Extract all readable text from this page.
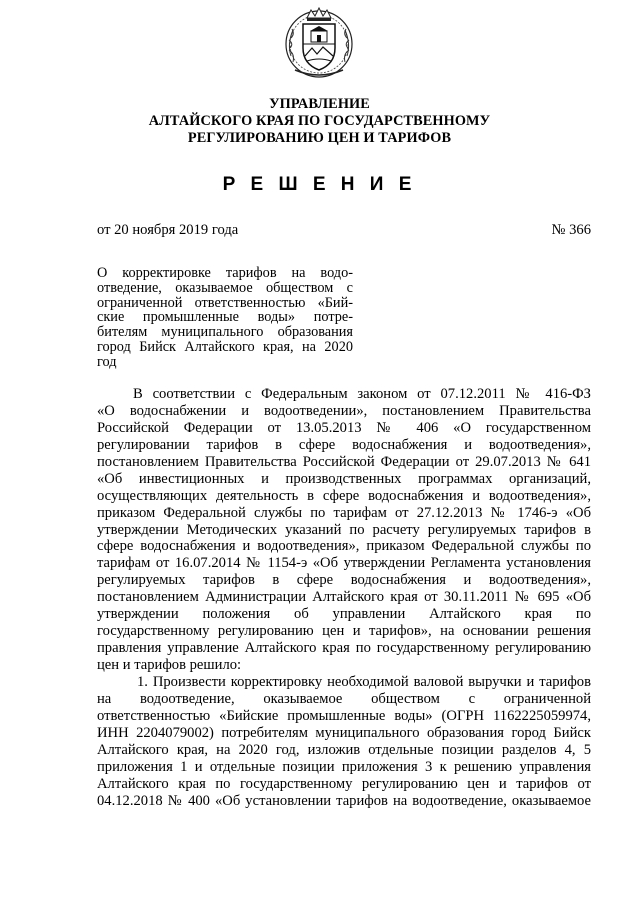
УПРАВЛЕНИЕ
АЛТАЙСКОГО КРАЯ ПО ГОСУДАРСТВЕННОМУ
РЕГУЛИРОВАНИЮ ЦЕН И ТАРИФОВ
Р Е Ш Е Н И Е
от 20 ноября 2019 года	№ 366
О корректировке тарифов на водо-
отведение, оказываемое обществом с
ограниченной ответственностью «Бий-
ские промышленные воды» потре-
бителям муниципального образования
город Бийск Алтайского края, на 2020
год
В соответствии с Федеральным законом от 07.12.2011 № 416-ФЗ
«О водоснабжении и водоотведении», постановлением Правительства
Российской Федерации от 13.05.2013 № 406 «О государственном
регулировании тарифов в сфере водоснабжения и водоотведения»,
постановлением Правительства Российской Федерации от 29.07.2013 № 641
«Об инвестиционных и производственных программах организаций,
осуществляющих деятельность в сфере водоснабжения и водоотведения»,
приказом Федеральной службы по тарифам от 27.12.2013 № 1746-э «Об
утверждении Методических указаний по расчету регулируемых тарифов в
сфере водоснабжения и водоотведения», приказом Федеральной службы по
тарифам от 16.07.2014 № 1154-э «Об утверждении Регламента установления
регулируемых тарифов в сфере водоснабжения и водоотведения»,
постановлением Администрации Алтайского края от 30.11.2011 № 695 «Об
утверждении положения об управлении Алтайского края по
государственному регулированию цен и тарифов», на основании решения
правления управление Алтайского края по государственному регулированию
цен и тарифов решило:
1. Произвести корректировку необходимой валовой выручки и тарифов
на водоотведение, оказываемое обществом с ограниченной
ответственностью «Бийские промышленные воды» (ОГРН 1162225059974,
ИНН 2204079002) потребителям муниципального образования город Бийск
Алтайского края, на 2020 год, изложив отдельные позиции разделов 4, 5
приложения 1 и отдельные позиции приложения 3 к решению управления
Алтайского края по государственному регулированию цен и тарифов от
04.12.2018 № 400 «Об установлении тарифов на водоотведение, оказываемое
